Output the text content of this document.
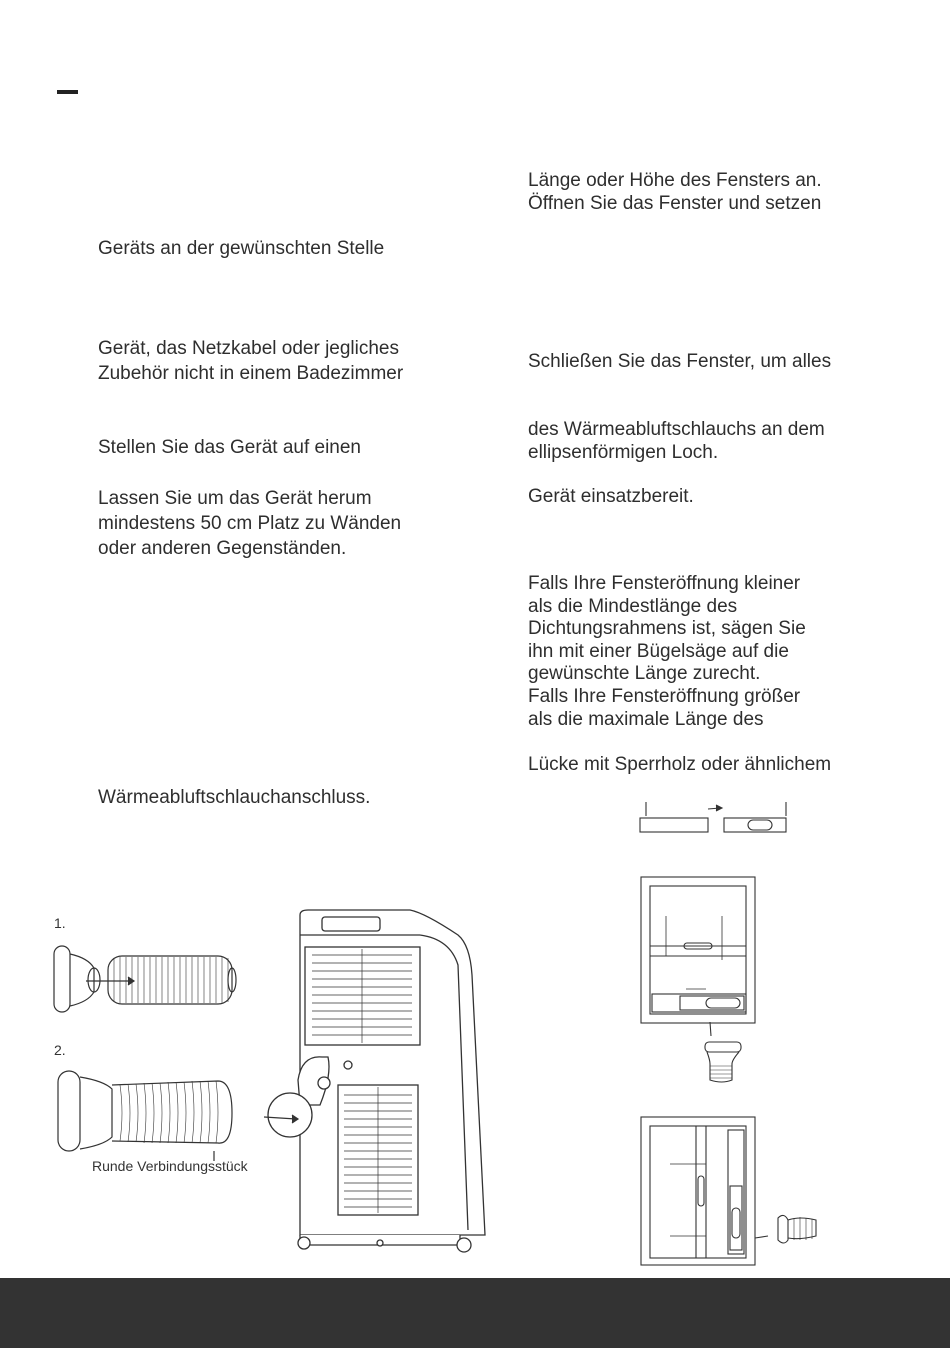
Geräts an der gewünschten Stelle

Gerät, das Netzkabel oder jegliches

Zubehör nicht in einem Badezimmer

Stellen Sie das Gerät auf einen

Lassen Sie um das Gerät herum

mindestens 50 cm Platz zu Wänden

oder anderen Gegenständen.

Wärmeabluftschlauchanschluss.

Länge oder Höhe des Fensters an.

Öffnen Sie das Fenster und setzen

Schließen Sie das Fenster, um alles

des Wärmeabluftschlauchs an dem

ellipsenförmigen Loch.

Gerät einsatzbereit.

Falls Ihre Fensteröffnung kleiner

als die Mindestlänge des

Dichtungsrahmens ist, sägen Sie

ihn mit einer Bügelsäge auf die

gewünschte Länge zurecht.

Falls Ihre Fensteröffnung größer

als die maximale Länge des

Lücke mit Sperrholz oder ähnlichem

1.
2.
Runde Verbindungsstück
